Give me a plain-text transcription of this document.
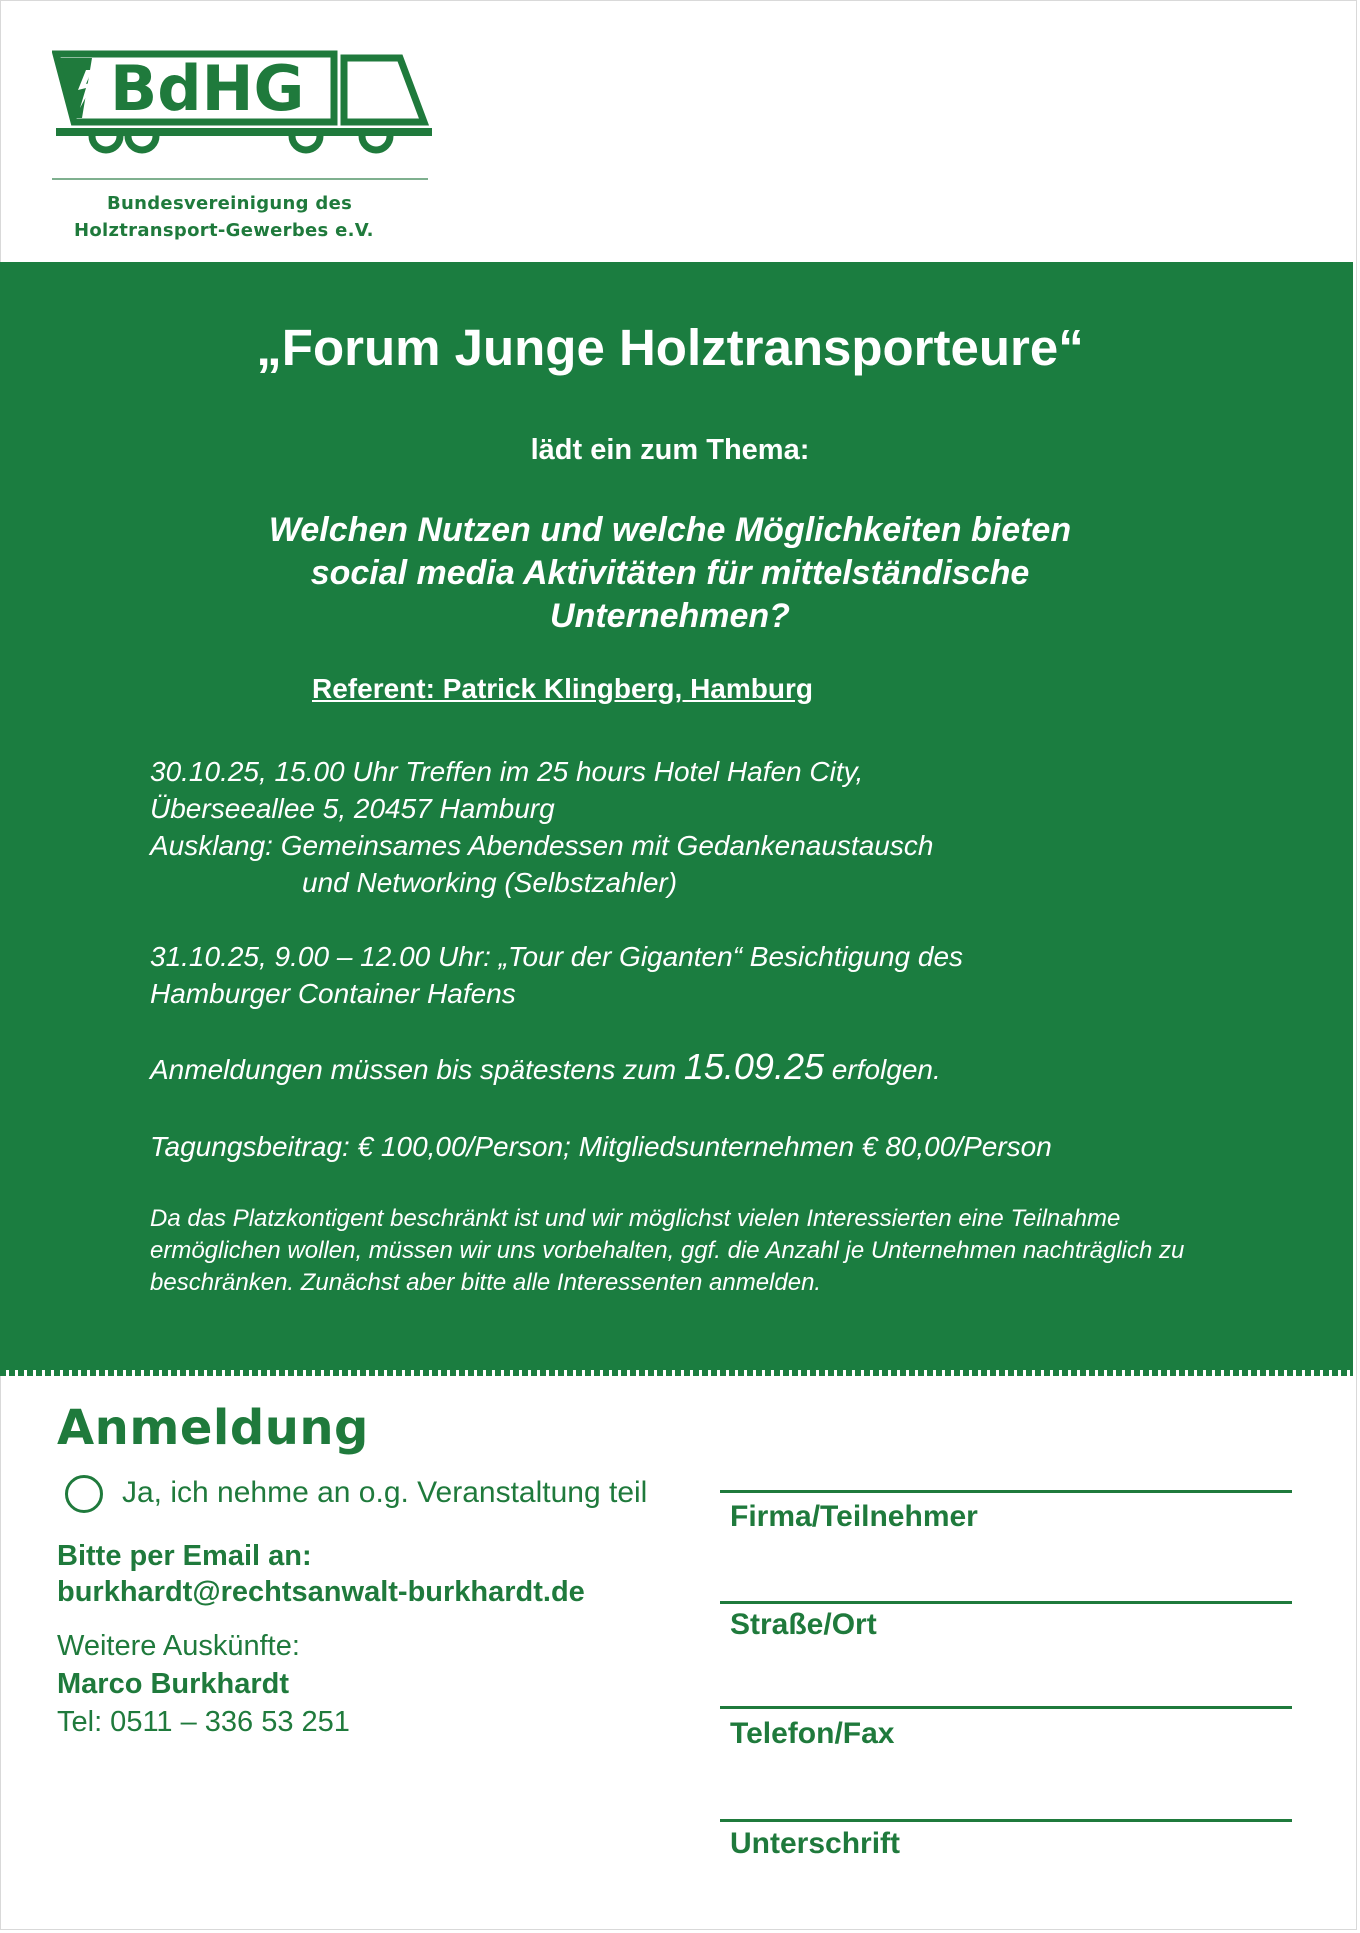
BdHG
Bundesvereinigung des
Holztransport-Gewerbes e.V.
„Forum Junge Holztransporteure“
lädt ein zum Thema:
Welchen Nutzen und welche Möglichkeiten bieten
social media Aktivitäten für mittelständische
Unternehmen?
Referent: Patrick Klingberg, Hamburg
30.10.25, 15.00 Uhr Treffen im 25 hours Hotel Hafen City,
Überseeallee 5, 20457 Hamburg
Ausklang: Gemeinsames Abendessen mit Gedankenaustausch
und Networking (Selbstzahler)
31.10.25, 9.00 – 12.00 Uhr: „Tour der Giganten“ Besichtigung des
Hamburger Container Hafens
Anmeldungen müssen bis spätestens zum 15.09.25 erfolgen.
Tagungsbeitrag: € 100,00/Person; Mitgliedsunternehmen € 80,00/Person
Da das Platzkontigent beschränkt ist und wir möglichst vielen Interessierten eine Teilnahme ermöglichen wollen, müssen wir uns vorbehalten, ggf. die Anzahl je Unternehmen nachträglich zu beschränken. Zunächst aber bitte alle Interessenten anmelden.
Anmeldung
Ja, ich nehme an o.g. Veranstaltung teil
Bitte per Email an:
burkhardt@rechtsanwalt-burkhardt.de
Weitere Auskünfte:
Marco Burkhardt
Tel: 0511 – 336 53 251
Firma/Teilnehmer
Straße/Ort
Telefon/Fax
Unterschrift
